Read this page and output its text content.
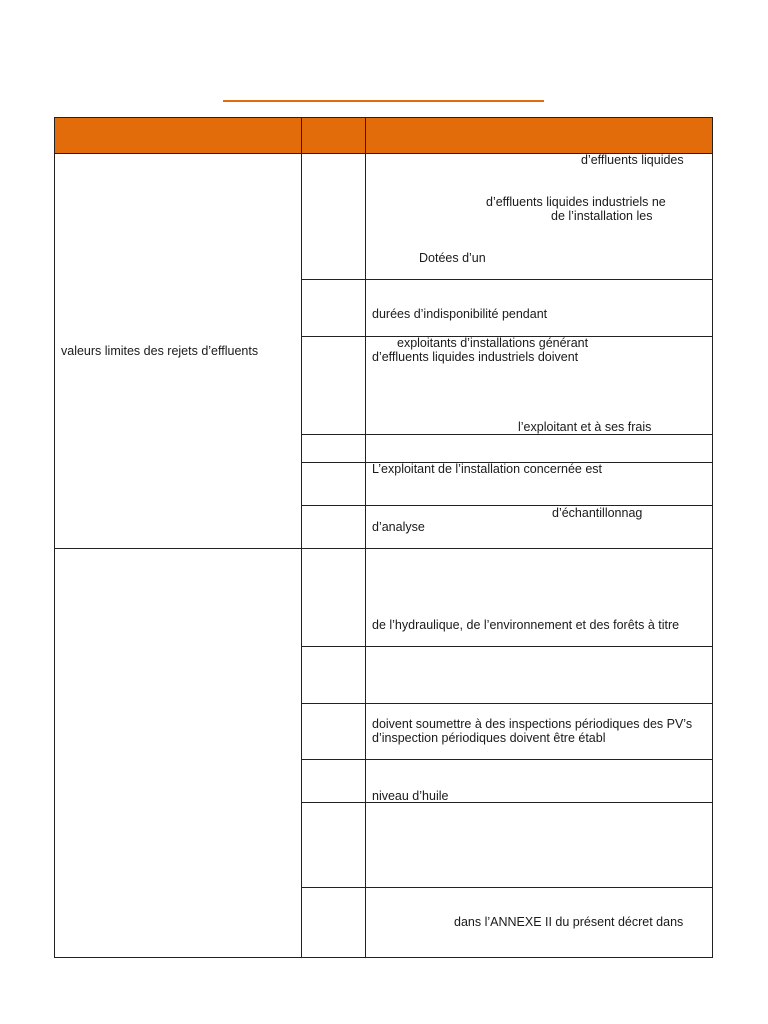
valeurs limites des rejets d’effluents
d’effluents liquides
d’effluents liquides industriels ne
de l’installation les
Dotées d’un
durées d’indisponibilité pendant
exploitants d’installations générant
d’effluents liquides industriels doivent
l’exploitant et à ses frais
L’exploitant de l’installation concernée est
d’échantillonnag
d’analyse
de l’hydraulique, de l’environnement et des forêts à titre
doivent soumettre à des inspections périodiques des PV’s
d’inspection périodiques doivent être établ
niveau d’huile
dans l’ANNEXE II du présent décret dans
